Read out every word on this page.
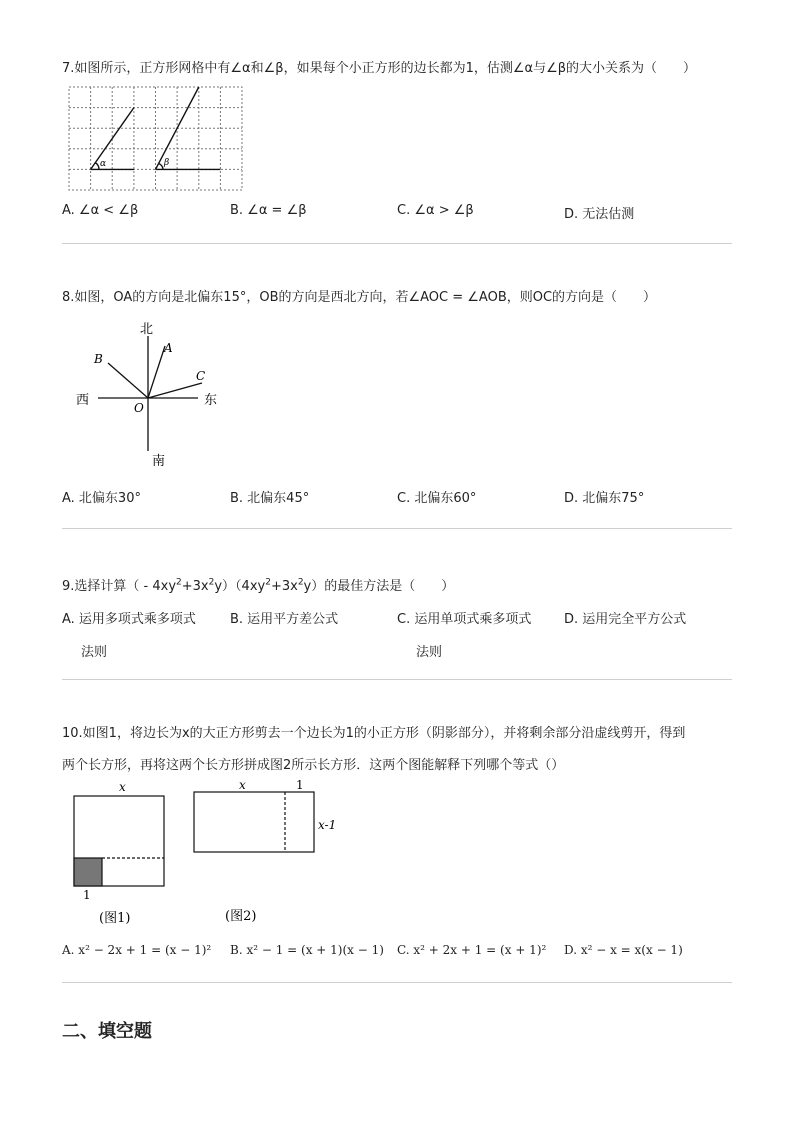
7.如图所示，正方形网格中有∠α和∠β，如果每个小正方形的边长都为1，估测∠α与∠β的大小关系为（　　）
α	β
A. ∠α < ∠β	B. ∠α = ∠β	C. ∠α > ∠β	D. 无法估测
8.如图，OA的方向是北偏东15°，OB的方向是西北方向，若∠AOC = ∠AOB，则OC的方向是（　　）
北
南
西	东
A
B
C
O
A. 北偏东30°	B. 北偏东45°	C. 北偏东60°	D. 北偏东75°
9.选择计算（ - $4xy^2+3x^2y)(4xy^2+3x^2y)$的最佳方法是（　　）
A. 运用多项式乘多项式
法则
B. 运用平方差公式	C. 运用单项式乘多项式
法则
D. 运用完全平方公式
10.如图1，将边长为x的大正方形剪去一个边长为1的小正方形（阴影部分），并将剩余部分沿虚线剪开，得到
两个长方形，再将这两个长方形拼成图2所示长方形．这两个图能解释下列哪个等式（）
x
1
(图1)
x	1
x-1
(图2)
A. x² − 2x + 1 = (x − 1)² B. x² − 1 = (x + 1)(x − 1) C. x² + 2x + 1 = (x + 1)² D. x² − x = x(x − 1)
二、填空题
